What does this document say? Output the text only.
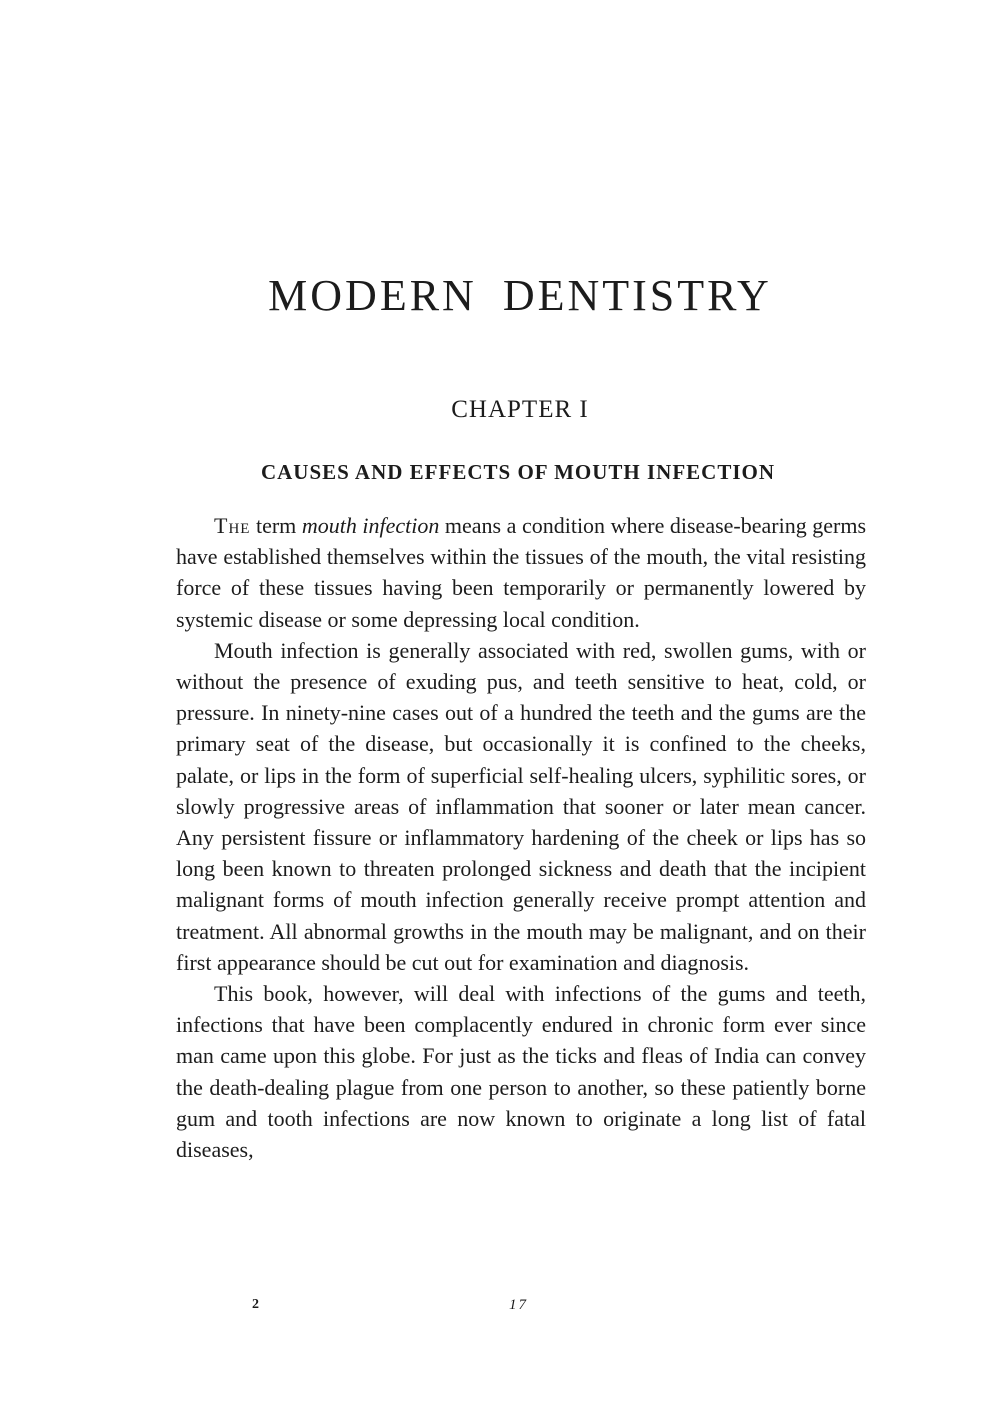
MODERN DENTISTRY
CHAPTER I
CAUSES AND EFFECTS OF MOUTH INFECTION

The term mouth infection means a condition where disease-bearing germs have established themselves within the tissues of the mouth, the vital resisting force of these tissues having been temporarily or permanently lowered by systemic disease or some depressing local condition.

Mouth infection is generally associated with red, swollen gums, with or without the presence of exuding pus, and teeth sensitive to heat, cold, or pressure. In ninety-nine cases out of a hundred the teeth and the gums are the primary seat of the disease, but occasionally it is confined to the cheeks, palate, or lips in the form of superficial self-healing ulcers, syphilitic sores, or slowly progressive areas of inflammation that sooner or later mean cancer. Any persistent fissure or inflammatory hardening of the cheek or lips has so long been known to threaten prolonged sickness and death that the incipient malignant forms of mouth infection generally receive prompt attention and treatment. All abnormal growths in the mouth may be malignant, and on their first appearance should be cut out for examination and diagnosis.

This book, however, will deal with infections of the gums and teeth, infections that have been complacently endured in chronic form ever since man came upon this globe. For just as the ticks and fleas of India can convey the death-dealing plague from one person to another, so these patiently borne gum and tooth infections are now known to originate a long list of fatal diseases,

2	17
